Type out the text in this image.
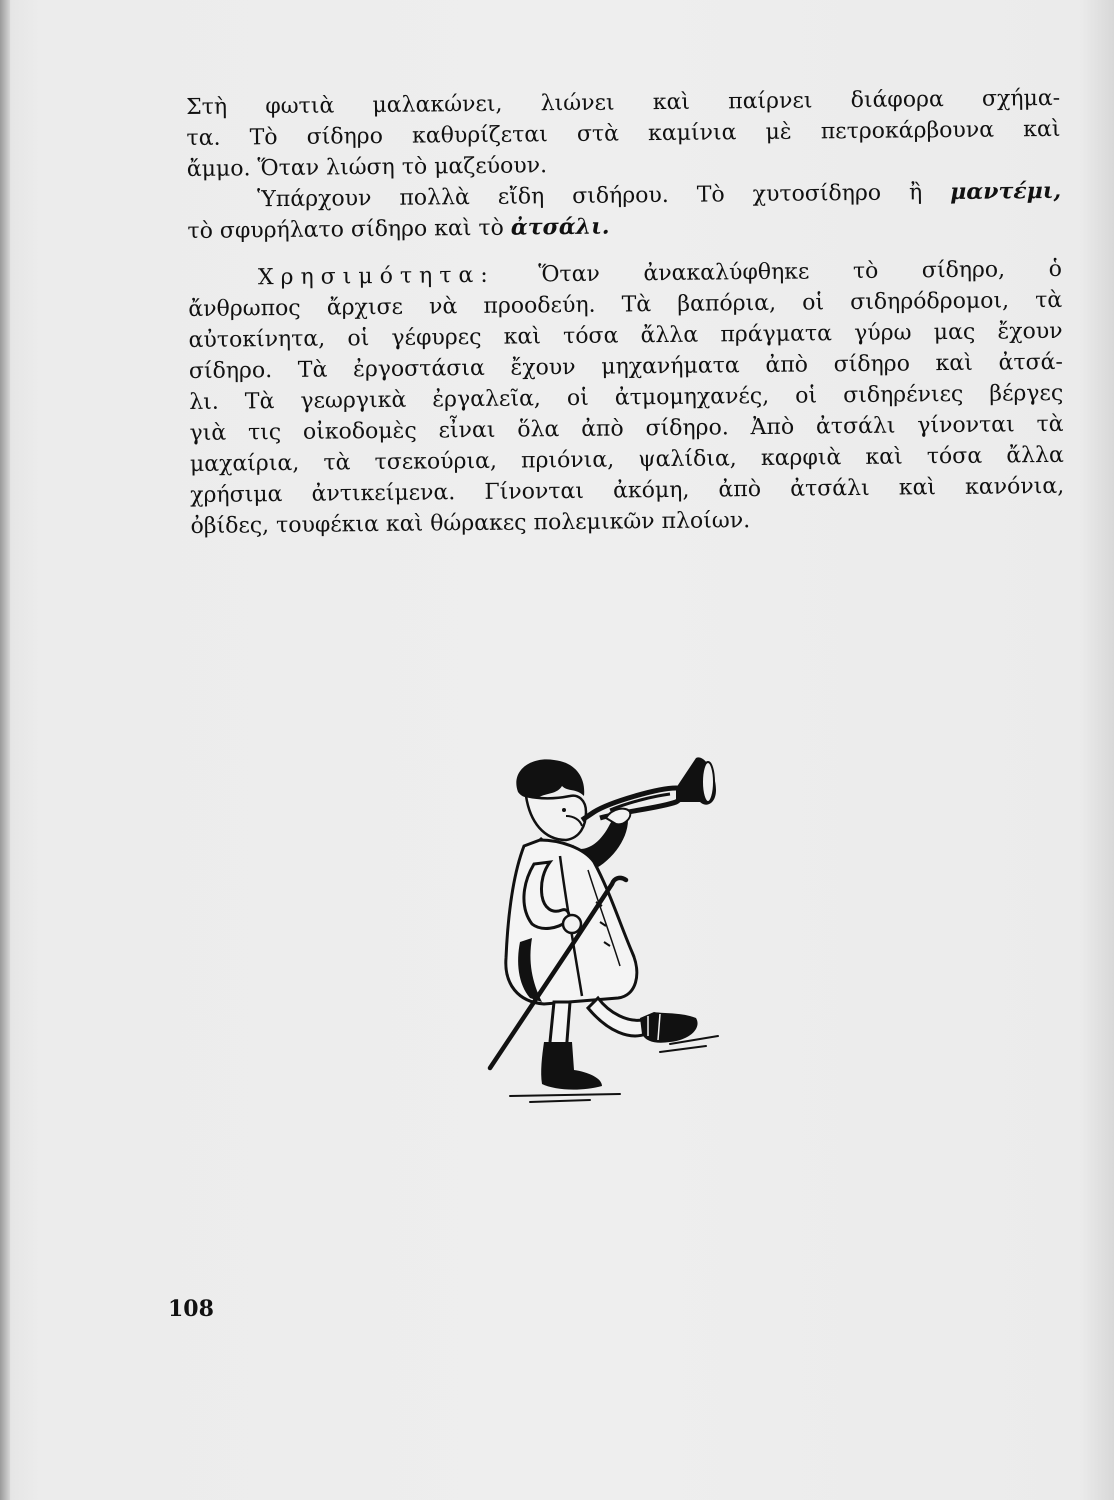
Στὴ φωτιὰ μαλακώνει, λιώνει καὶ παίρνει διάφορα σχήμα-
τα. Τὸ σίδηρο καθυρίζεται στὰ καμίνια μὲ πετροκάρβουνα καὶ
ἄμμο. Ὅταν λιώση τὸ μαζεύουν.
Ὑπάρχουν πολλὰ εἴδη σιδήρου. Τὸ χυτοσίδηρο ἢ μαντέμι,
τὸ σφυρήλατο σίδηρο καὶ τὸ ἀτσάλι.
Χρησιμότητα: Ὅταν ἀνακαλύφθηκε τὸ σίδηρο, ὁ
ἄνθρωπος ἄρχισε νὰ προοδεύη. Τὰ βαπόρια, οἱ σιδηρόδρομοι, τὰ
αὐτοκίνητα, οἱ γέφυρες καὶ τόσα ἄλλα πράγματα γύρω μας ἔχουν
σίδηρο. Τὰ ἐργοστάσια ἔχουν μηχανήματα ἀπὸ σίδηρο καὶ ἀτσά-
λι. Τὰ γεωργικὰ ἐργαλεῖα, οἱ ἀτμομηχανές, οἱ σιδηρένιες βέργες
γιὰ τις οἰκοδομὲς εἶναι ὅλα ἀπὸ σίδηρο. Ἀπὸ ἀτσάλι γίνονται τὰ
μαχαίρια, τὰ τσεκούρια, πριόνια, ψαλίδια, καρφιὰ καὶ τόσα ἄλλα
χρήσιμα ἀντικείμενα. Γίνονται ἀκόμη, ἀπὸ ἀτσάλι καὶ κανόνια,
ὀβίδες, τουφέκια καὶ θώρακες πολεμικῶν πλοίων.
108
